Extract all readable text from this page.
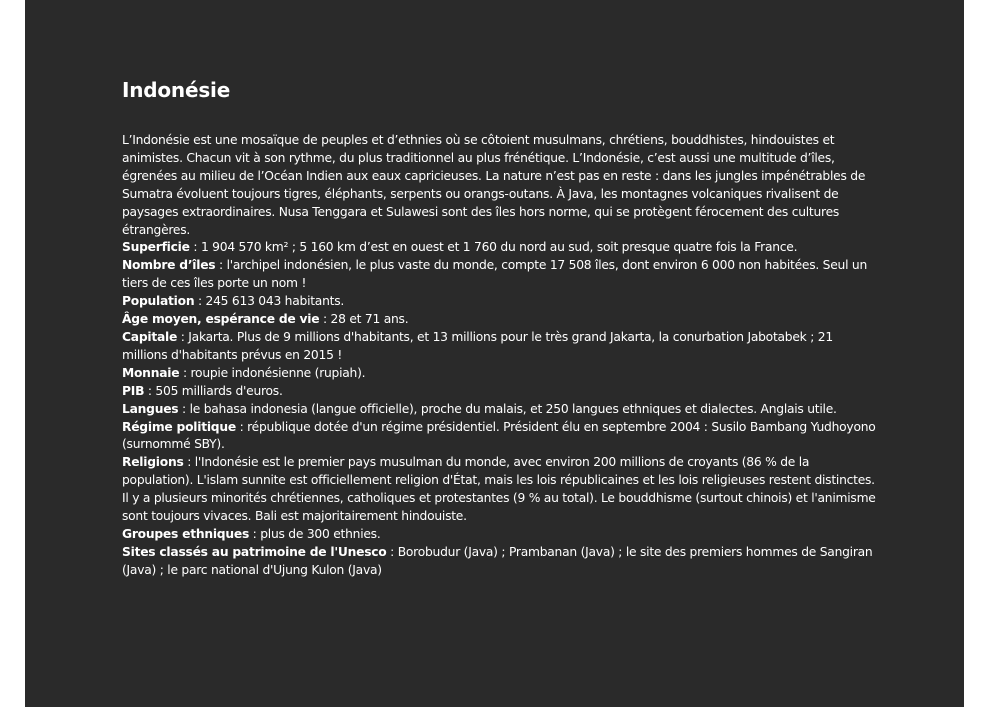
Indonésie

L’Indonésie est une mosaïque de peuples et d’ethnies où se côtoient musulmans, chrétiens, bouddhistes, hindouistes et animistes. Chacun vit à son rythme, du plus traditionnel au plus frénétique. L’Indonésie, c’est aussi une multitude d’îles, égrenées au milieu de l’Océan Indien aux eaux capricieuses. La nature n’est pas en reste : dans les jungles impénétrables de Sumatra évoluent toujours tigres, éléphants, serpents ou orangs-outans. À Java, les montagnes volcaniques rivalisent de paysages extraordinaires. Nusa Tenggara et Sulawesi sont des îles hors norme, qui se protègent férocement des cultures étrangères.

Superficie : 1 904 570 km² ; 5 160 km d’est en ouest et 1 760 du nord au sud, soit presque quatre fois la France.

Nombre d’îles : l'archipel indonésien, le plus vaste du monde, compte 17 508 îles, dont environ 6 000 non habitées. Seul un tiers de ces îles porte un nom !

Population : 245 613 043 habitants.

Âge moyen, espérance de vie : 28 et 71 ans.

Capitale : Jakarta. Plus de 9 millions d'habitants, et 13 millions pour le très grand Jakarta, la conurbation Jabotabek ; 21 millions d'habitants prévus en 2015 !

Monnaie : roupie indonésienne (rupiah).

PIB : 505 milliards d'euros.

Langues : le bahasa indonesia (langue officielle), proche du malais, et 250 langues ethniques et dialectes. Anglais utile.

Régime politique : république dotée d'un régime présidentiel. Président élu en septembre 2004 : Susilo Bambang Yudhoyono (surnommé SBY).

Religions : l'Indonésie est le premier pays musulman du monde, avec environ 200 millions de croyants (86 % de la population). L'islam sunnite est officiellement religion d'État, mais les lois républicaines et les lois religieuses restent distinctes. Il y a plusieurs minorités chrétiennes, catholiques et protestantes (9 % au total). Le bouddhisme (surtout chinois) et l'animisme sont toujours vivaces. Bali est majoritairement hindouiste.

Groupes ethniques : plus de 300 ethnies.

Sites classés au patrimoine de l'Unesco : Borobudur (Java) ; Prambanan (Java) ; le site des premiers hommes de Sangiran (Java) ; le parc national d'Ujung Kulon (Java)
